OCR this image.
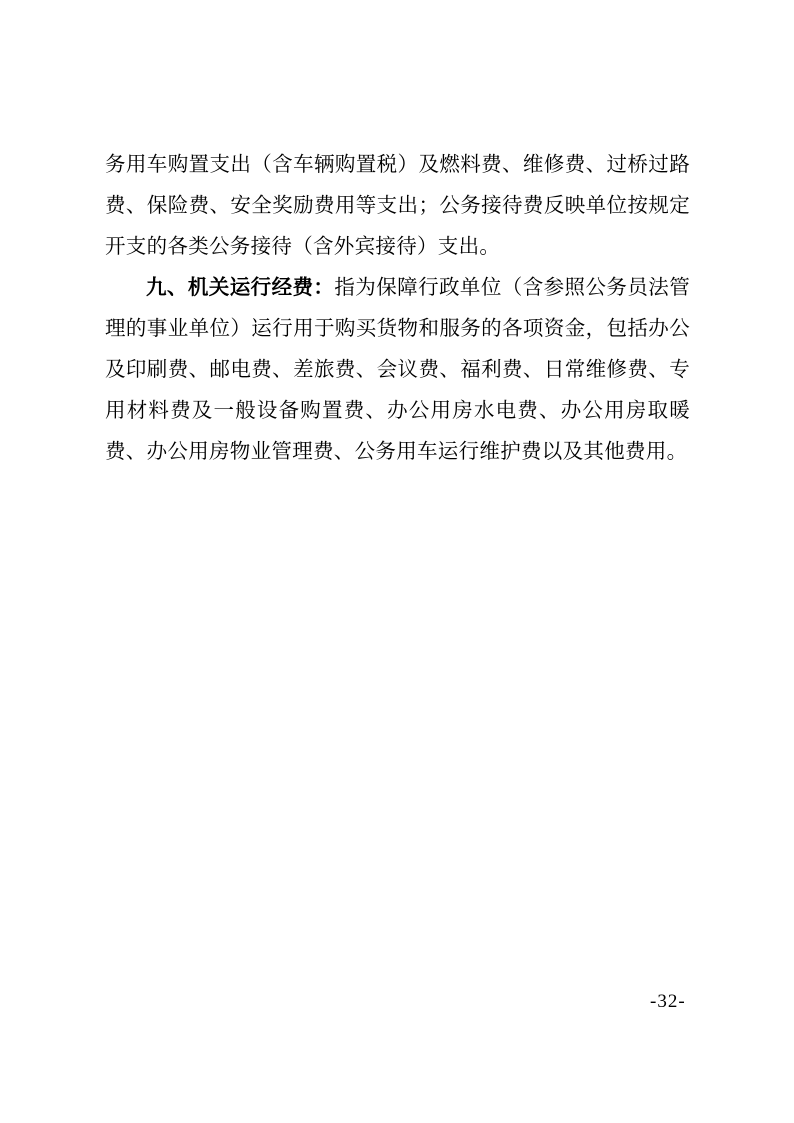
务用车购置支出（含车辆购置税）及燃料费、维修费、过桥过路费、保险费、安全奖励费用等支出；公务接待费反映单位按规定开支的各类公务接待（含外宾接待）支出。

九、机关运行经费：指为保障行政单位（含参照公务员法管理的事业单位）运行用于购买货物和服务的各项资金，包括办公及印刷费、邮电费、差旅费、会议费、福利费、日常维修费、专用材料费及一般设备购置费、办公用房水电费、办公用房取暖费、办公用房物业管理费、公务用车运行维护费以及其他费用。

-32-
